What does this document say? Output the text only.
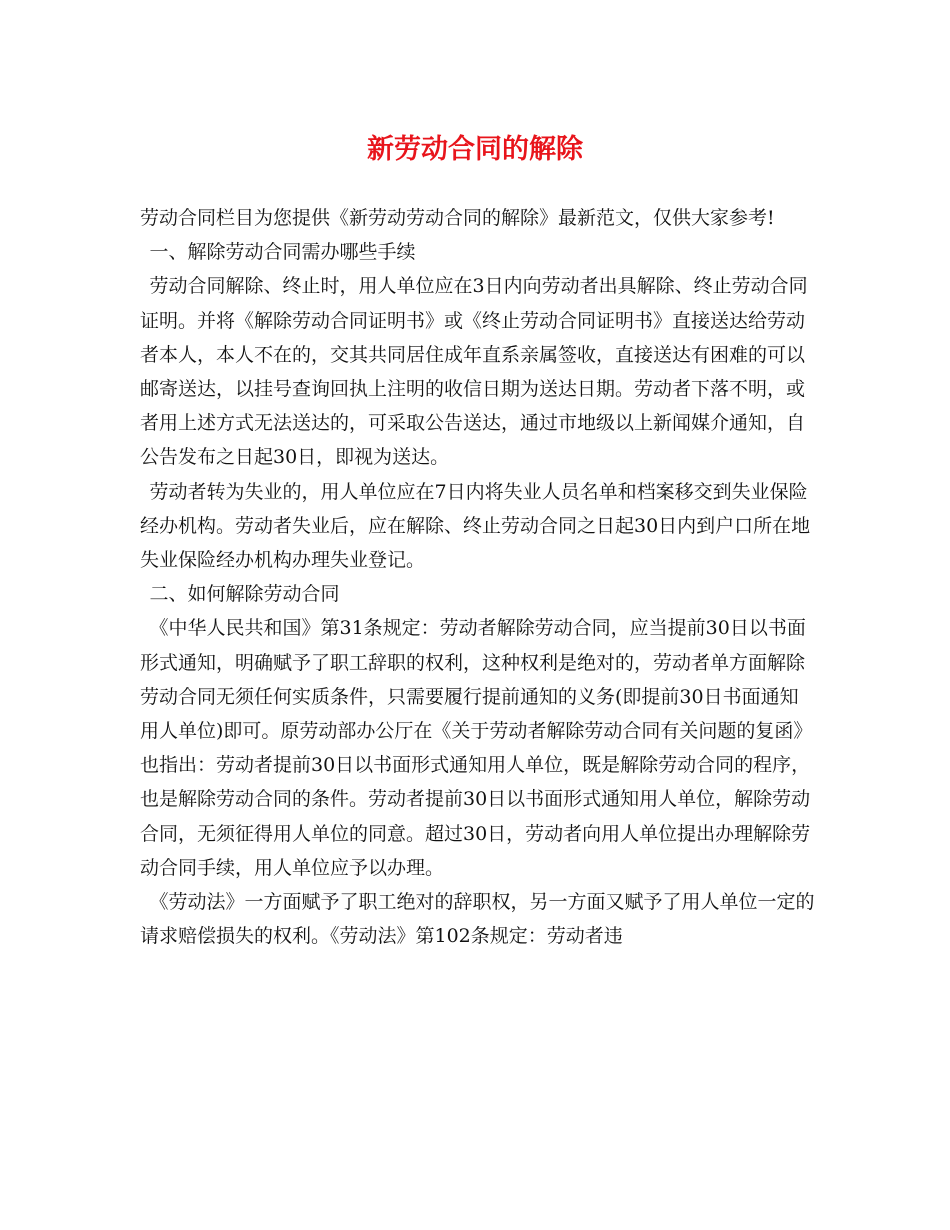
新劳动合同的解除

劳动合同栏目为您提供《新劳动劳动合同的解除》最新范文，仅供大家参考!

一、解除劳动合同需办哪些手续

劳动合同解除、终止时，用人单位应在3日内向劳动者出具解除、终止劳动合同证明。并将《解除劳动合同证明书》或《终止劳动合同证明书》直接送达给劳动者本人，本人不在的，交其共同居住成年直系亲属签收，直接送达有困难的可以邮寄送达，以挂号查询回执上注明的收信日期为送达日期。劳动者下落不明，或者用上述方式无法送达的，可采取公告送达，通过市地级以上新闻媒介通知，自公告发布之日起30日，即视为送达。

劳动者转为失业的，用人单位应在7日内将失业人员名单和档案移交到失业保险经办机构。劳动者失业后，应在解除、终止劳动合同之日起30日内到户口所在地失业保险经办机构办理失业登记。

二、如何解除劳动合同

《中华人民共和国》第31条规定：劳动者解除劳动合同，应当提前30日以书面形式通知，明确赋予了职工辞职的权利，这种权利是绝对的，劳动者单方面解除劳动合同无须任何实质条件，只需要履行提前通知的义务(即提前30日书面通知用人单位)即可。原劳动部办公厅在《关于劳动者解除劳动合同有关问题的复函》也指出：劳动者提前30日以书面形式通知用人单位，既是解除劳动合同的程序，也是解除劳动合同的条件。劳动者提前30日以书面形式通知用人单位，解除劳动合同，无须征得用人单位的同意。超过30日，劳动者向用人单位提出办理解除劳动合同手续，用人单位应予以办理。

《劳动法》一方面赋予了职工绝对的辞职权，另一方面又赋予了用人单位一定的请求赔偿损失的权利。《劳动法》第102条规定：劳动者违
